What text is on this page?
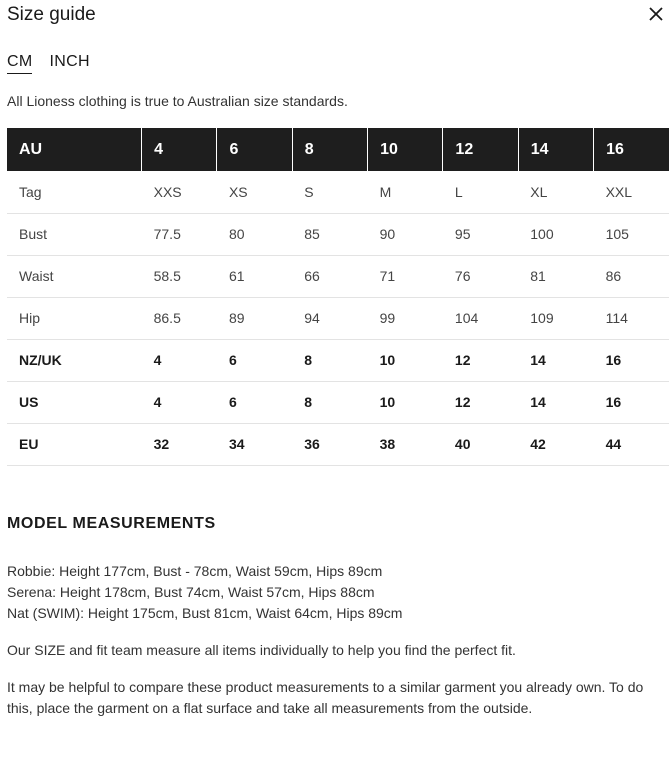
Size guide
CM INCH

All Lioness clothing is true to Australian size standards.

AU	4	6	8	10	12	14	16
Tag	XXS	XS	S	M	L	XL	XXL
Bust	77.5	80	85	90	95	100	105
Waist	58.5	61	66	71	76	81	86
Hip	86.5	89	94	99	104	109	114
NZ/UK	4	6	8	10	12	14	16
US	4	6	8	10	12	14	16
EU	32	34	36	38	40	42	44
MODEL MEASUREMENTS
Robbie: Height 177cm, Bust - 78cm, Waist 59cm, Hips 89cm
Serena: Height 178cm, Bust 74cm, Waist 57cm, Hips 88cm
Nat (SWIM): Height 175cm, Bust 81cm, Waist 64cm, Hips 89cm

Our SIZE and fit team measure all items individually to help you find the perfect fit.

It may be helpful to compare these product measurements to a similar garment you already own. To do this, place the garment on a flat surface and take all measurements from the outside.
